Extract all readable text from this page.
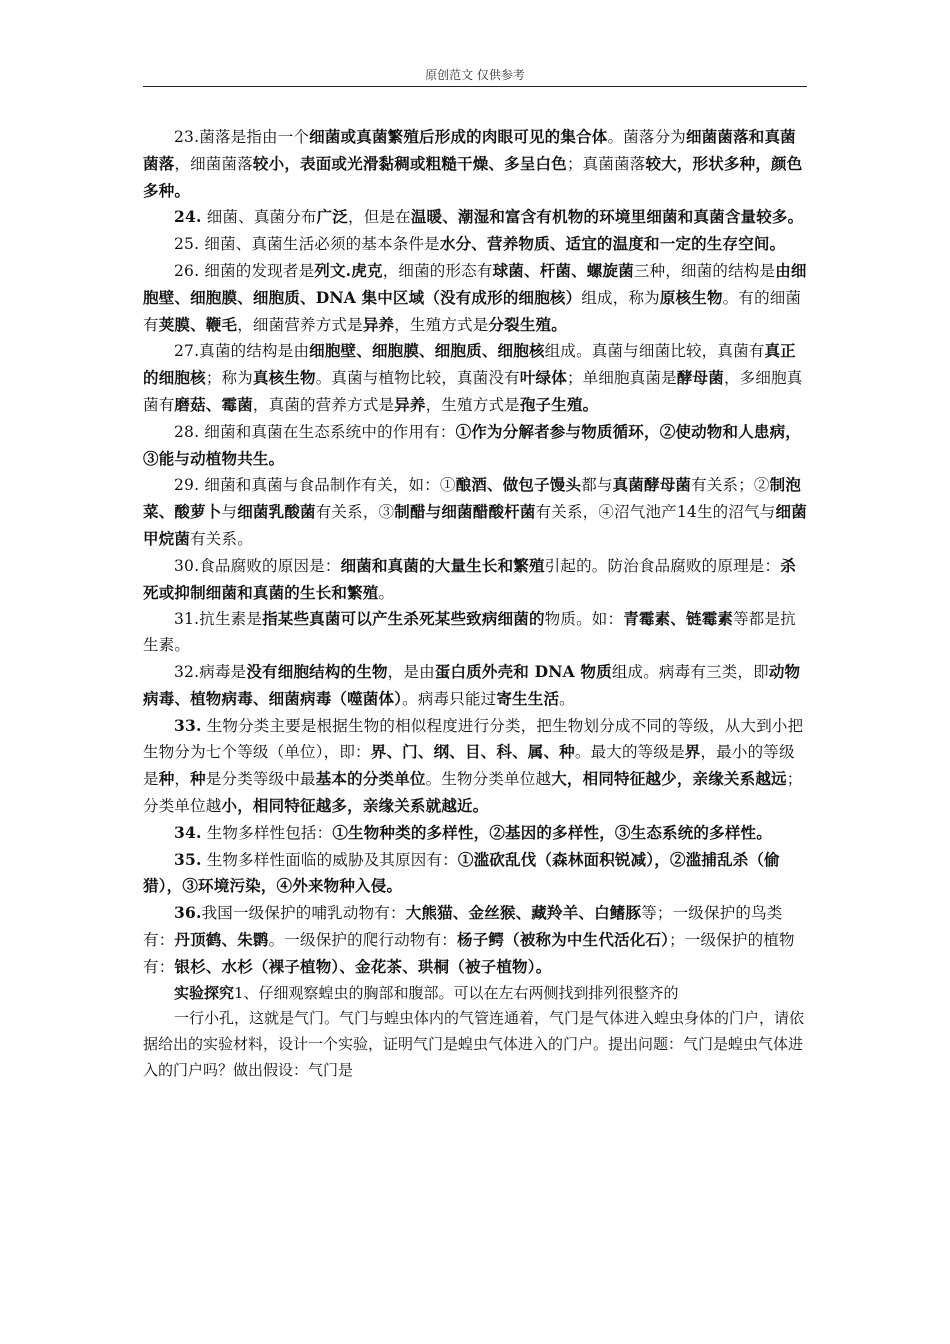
原创范文 仅供参考

23.菌落是指由一个细菌或真菌繁殖后形成的肉眼可见的集合体。菌落分为细菌菌落和真菌菌落，细菌菌落较小，表面或光滑黏稠或粗糙干燥、多呈白色；真菌菌落较大，形状多种，颜色多种。

24. 细菌、真菌分布广泛，但是在温暖、潮湿和富含有机物的环境里细菌和真菌含量较多。

25. 细菌、真菌生活必须的基本条件是水分、营养物质、适宜的温度和一定的生存空间。

26. 细菌的发现者是列文.虎克，细菌的形态有球菌、杆菌、螺旋菌三种，细菌的结构是由细胞壁、细胞膜、细胞质、DNA 集中区域（没有成形的细胞核）组成，称为原核生物。有的细菌有荚膜、鞭毛，细菌营养方式是异养，生殖方式是分裂生殖。

27.真菌的结构是由细胞壁、细胞膜、细胞质、细胞核组成。真菌与细菌比较，真菌有真正的细胞核；称为真核生物。真菌与植物比较，真菌没有叶绿体；单细胞真菌是酵母菌，多细胞真菌有磨菇、霉菌，真菌的营养方式是异养，生殖方式是孢子生殖。

28. 细菌和真菌在生态系统中的作用有：①作为分解者参与物质循环，②使动物和人患病，③能与动植物共生。

29. 细菌和真菌与食品制作有关，如：①酿酒、做包子馒头都与真菌酵母菌有关系；②制泡菜、酸萝卜与细菌乳酸菌有关系，③制醋与细菌醋酸杆菌有关系，④沼气池产14生的沼气与细菌甲烷菌有关系。

30.食品腐败的原因是：细菌和真菌的大量生长和繁殖引起的。防治食品腐败的原理是：杀死或抑制细菌和真菌的生长和繁殖。

31.抗生素是指某些真菌可以产生杀死某些致病细菌的物质。如：青霉素、链霉素等都是抗生素。

32.病毒是没有细胞结构的生物，是由蛋白质外壳和 DNA 物质组成。病毒有三类，即动物病毒、植物病毒、细菌病毒（噬菌体）。病毒只能过寄生生活。

33. 生物分类主要是根据生物的相似程度进行分类，把生物划分成不同的等级，从大到小把生物分为七个等级（单位），即：界、门、纲、目、科、属、种。最大的等级是界，最小的等级是种，种是分类等级中最基本的分类单位。生物分类单位越大，相同特征越少，亲缘关系越远；分类单位越小，相同特征越多，亲缘关系就越近。

34. 生物多样性包括：①生物种类的多样性，②基因的多样性，③生态系统的多样性。

35. 生物多样性面临的威胁及其原因有：①滥砍乱伐（森林面积锐减），②滥捕乱杀（偷猎），③环境污染，④外来物种入侵。

36.我国一级保护的哺乳动物有：大熊猫、金丝猴、藏羚羊、白鳍豚等；一级保护的鸟类有：丹顶鹤、朱鹮。一级保护的爬行动物有：杨子鳄（被称为中生代活化石）；一级保护的植物有：银杉、水杉（裸子植物）、金花茶、珙桐（被子植物）。

实验探究1、仔细观察蝗虫的胸部和腹部。可以在左右两侧找到排列很整齐的

一行小孔，这就是气门。气门与蝗虫体内的气管连通着，气门是气体进入蝗虫身体的门户，请依据给出的实验材料，设计一个实验，证明气门是蝗虫气体进入的门户。提出问题：气门是蝗虫气体进入的门户吗？做出假设：气门是
